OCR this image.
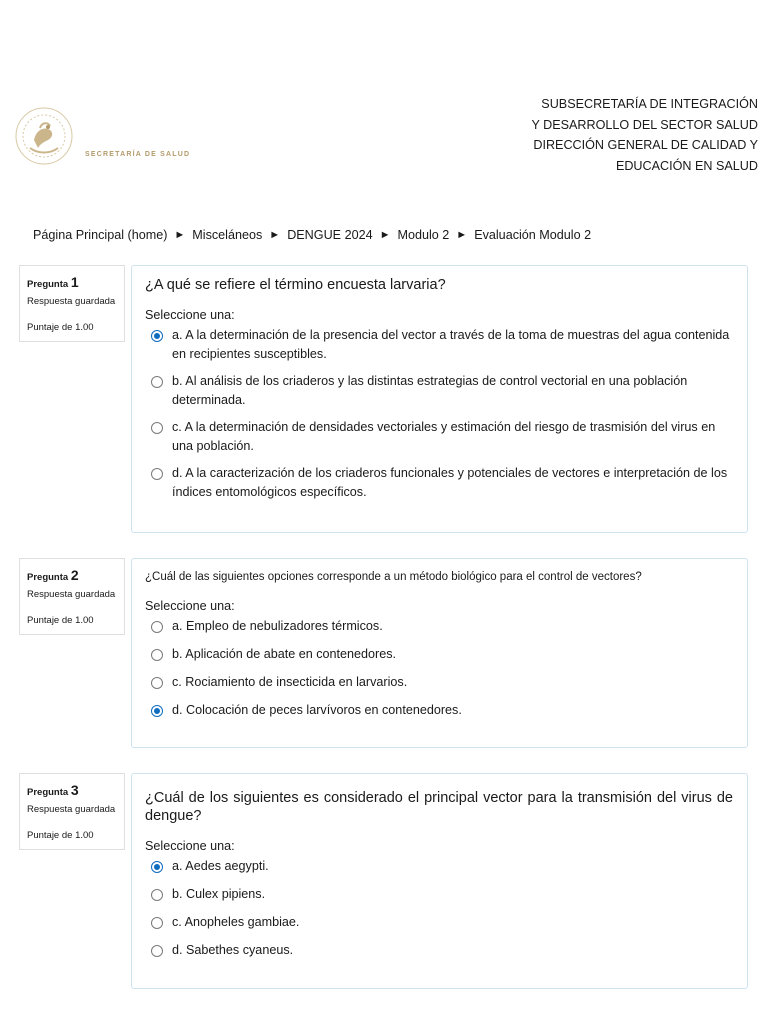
SECRETARÍA DE SALUD
SUBSECRETARÍA DE INTEGRACIÓN
Y DESARROLLO DEL SECTOR SALUD
DIRECCIÓN GENERAL DE CALIDAD Y
EDUCACIÓN EN SALUD
Página Principal (home) ► Misceláneos ► DENGUE 2024 ► Modulo 2 ► Evaluación Modulo 2
Pregunta 1
Respuesta guardada
Puntaje de 1.00
¿A qué se refiere el término encuesta larvaria?
Seleccione una:
a. A la determinación de la presencia del vector a través de la toma de muestras del agua contenida en recipientes susceptibles.
b. Al análisis de los criaderos y las distintas estrategias de control vectorial en una población determinada.
c. A la determinación de densidades vectoriales y estimación del riesgo de trasmisión del virus en una población.
d. A la caracterización de los criaderos funcionales y potenciales de vectores e interpretación de los índices entomológicos específicos.
Pregunta 2
Respuesta guardada
Puntaje de 1.00
¿Cuál de las siguientes opciones corresponde a un método biológico para el control de vectores?
Seleccione una:
a. Empleo de nebulizadores térmicos.
b. Aplicación de abate en contenedores.
c. Rociamiento de insecticida en larvarios.
d. Colocación de peces larvívoros en contenedores.
Pregunta 3
Respuesta guardada
Puntaje de 1.00
¿Cuál de los siguientes es considerado el principal vector para la transmisión del virus de dengue?
Seleccione una:
a. Aedes aegypti.
b. Culex pipiens.
c. Anopheles gambiae.
d. Sabethes cyaneus.
